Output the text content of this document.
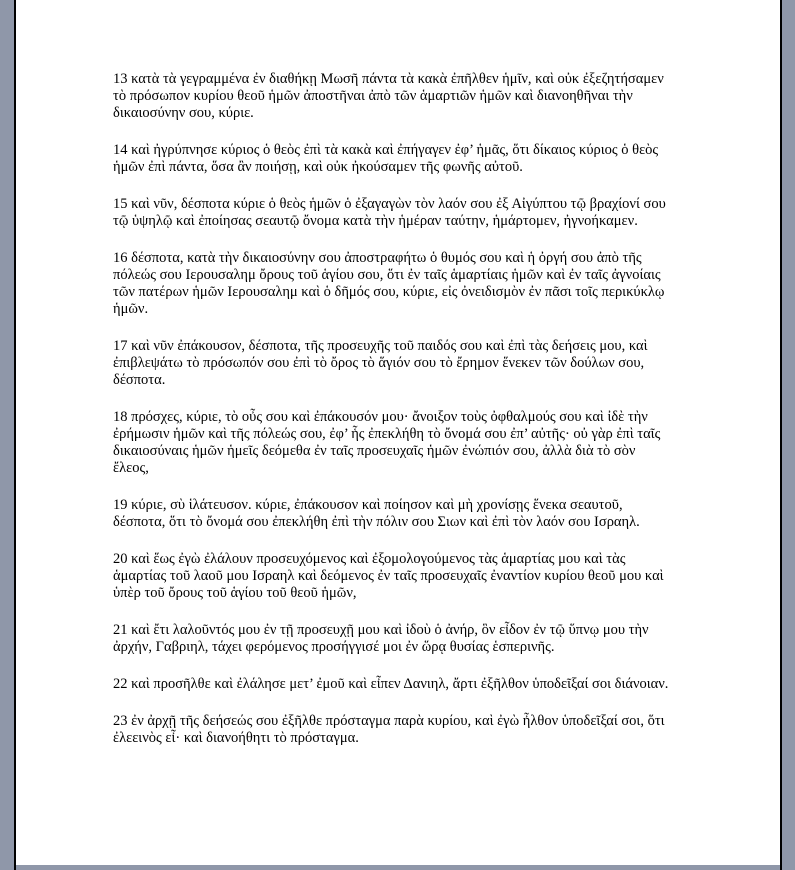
13 κατὰ τὰ γεγραμμένα ἐν διαθήκῃ Μωσῆ πάντα τὰ κακὰ ἐπῆλθεν ἡμῖν, καὶ οὐκ ἐξεζητήσαμεν τὸ πρόσωπον κυρίου θεοῦ ἡμῶν ἀποστῆναι ἀπὸ τῶν ἁμαρτιῶν ἡμῶν καὶ διανοηθῆναι τὴν δικαιοσύνην σου, κύριε.

14 καὶ ἠγρύπνησε κύριος ὁ θεὸς ἐπὶ τὰ κακὰ καὶ ἐπήγαγεν ἐφ’ ἡμᾶς, ὅτι δίκαιος κύριος ὁ θεὸς ἡμῶν ἐπὶ πάντα, ὅσα ἂν ποιήσῃ, καὶ οὐκ ἠκούσαμεν τῆς φωνῆς αὐτοῦ.

15 καὶ νῦν, δέσποτα κύριε ὁ θεὸς ἡμῶν ὁ ἐξαγαγὼν τὸν λαόν σου ἐξ Αἰγύπτου τῷ βραχίονί σου τῷ ὑψηλῷ καὶ ἐποίησας σεαυτῷ ὄνομα κατὰ τὴν ἡμέραν ταύτην, ἡμάρτομεν, ἠγνοήκαμεν.

16 δέσποτα, κατὰ τὴν δικαιοσύνην σου ἀποστραφήτω ὁ θυμός σου καὶ ἡ ὀργή σου ἀπὸ τῆς πόλεώς σου Ιερουσαλημ ὄρους τοῦ ἁγίου σου, ὅτι ἐν ταῖς ἁμαρτίαις ἡμῶν καὶ ἐν ταῖς ἀγνοίαις τῶν πατέρων ἡμῶν Ιερουσαλημ καὶ ὁ δῆμός σου, κύριε, εἰς ὀνειδισμὸν ἐν πᾶσι τοῖς περικύκλῳ ἡμῶν.

17 καὶ νῦν ἐπάκουσον, δέσποτα, τῆς προσευχῆς τοῦ παιδός σου καὶ ἐπὶ τὰς δεήσεις μου, καὶ ἐπιβλεψάτω τὸ πρόσωπόν σου ἐπὶ τὸ ὄρος τὸ ἅγιόν σου τὸ ἔρημον ἕνεκεν τῶν δούλων σου, δέσποτα.

18 πρόσχες, κύριε, τὸ οὖς σου καὶ ἐπάκουσόν μου· ἄνοιξον τοὺς ὀφθαλμούς σου καὶ ἰδὲ τὴν ἐρήμωσιν ἡμῶν καὶ τῆς πόλεώς σου, ἐφ’ ἧς ἐπεκλήθη τὸ ὄνομά σου ἐπ’ αὐτῆς· οὐ γὰρ ἐπὶ ταῖς δικαιοσύναις ἡμῶν ἡμεῖς δεόμεθα ἐν ταῖς προσευχαῖς ἡμῶν ἐνώπιόν σου, ἀλλὰ διὰ τὸ σὸν ἔλεος,

19 κύριε, σὺ ἱλάτευσον. κύριε, ἐπάκουσον καὶ ποίησον καὶ μὴ χρονίσῃς ἕνεκα σεαυτοῦ, δέσποτα, ὅτι τὸ ὄνομά σου ἐπεκλήθη ἐπὶ τὴν πόλιν σου Σιων καὶ ἐπὶ τὸν λαόν σου Ισραηλ.

20 καὶ ἕως ἐγὼ ἐλάλουν προσευχόμενος καὶ ἐξομολογούμενος τὰς ἁμαρτίας μου καὶ τὰς ἁμαρτίας τοῦ λαοῦ μου Ισραηλ καὶ δεόμενος ἐν ταῖς προσευχαῖς ἐναντίον κυρίου θεοῦ μου καὶ ὑπὲρ τοῦ ὄρους τοῦ ἁγίου τοῦ θεοῦ ἡμῶν,

21 καὶ ἔτι λαλοῦντός μου ἐν τῇ προσευχῇ μου καὶ ἰδοὺ ὁ ἀνήρ, ὃν εἶδον ἐν τῷ ὕπνῳ μου τὴν ἀρχήν, Γαβριηλ, τάχει φερόμενος προσήγγισέ μοι ἐν ὥρᾳ θυσίας ἑσπερινῆς.

22 καὶ προσῆλθε καὶ ἐλάλησε μετ’ ἐμοῦ καὶ εἶπεν Δανιηλ, ἄρτι ἐξῆλθον ὑποδεῖξαί σοι διάνοιαν.

23 ἐν ἀρχῇ τῆς δεήσεώς σου ἐξῆλθε πρόσταγμα παρὰ κυρίου, καὶ ἐγὼ ἦλθον ὑποδεῖξαί σοι, ὅτι ἐλεεινὸς εἶ· καὶ διανοήθητι τὸ πρόσταγμα.
